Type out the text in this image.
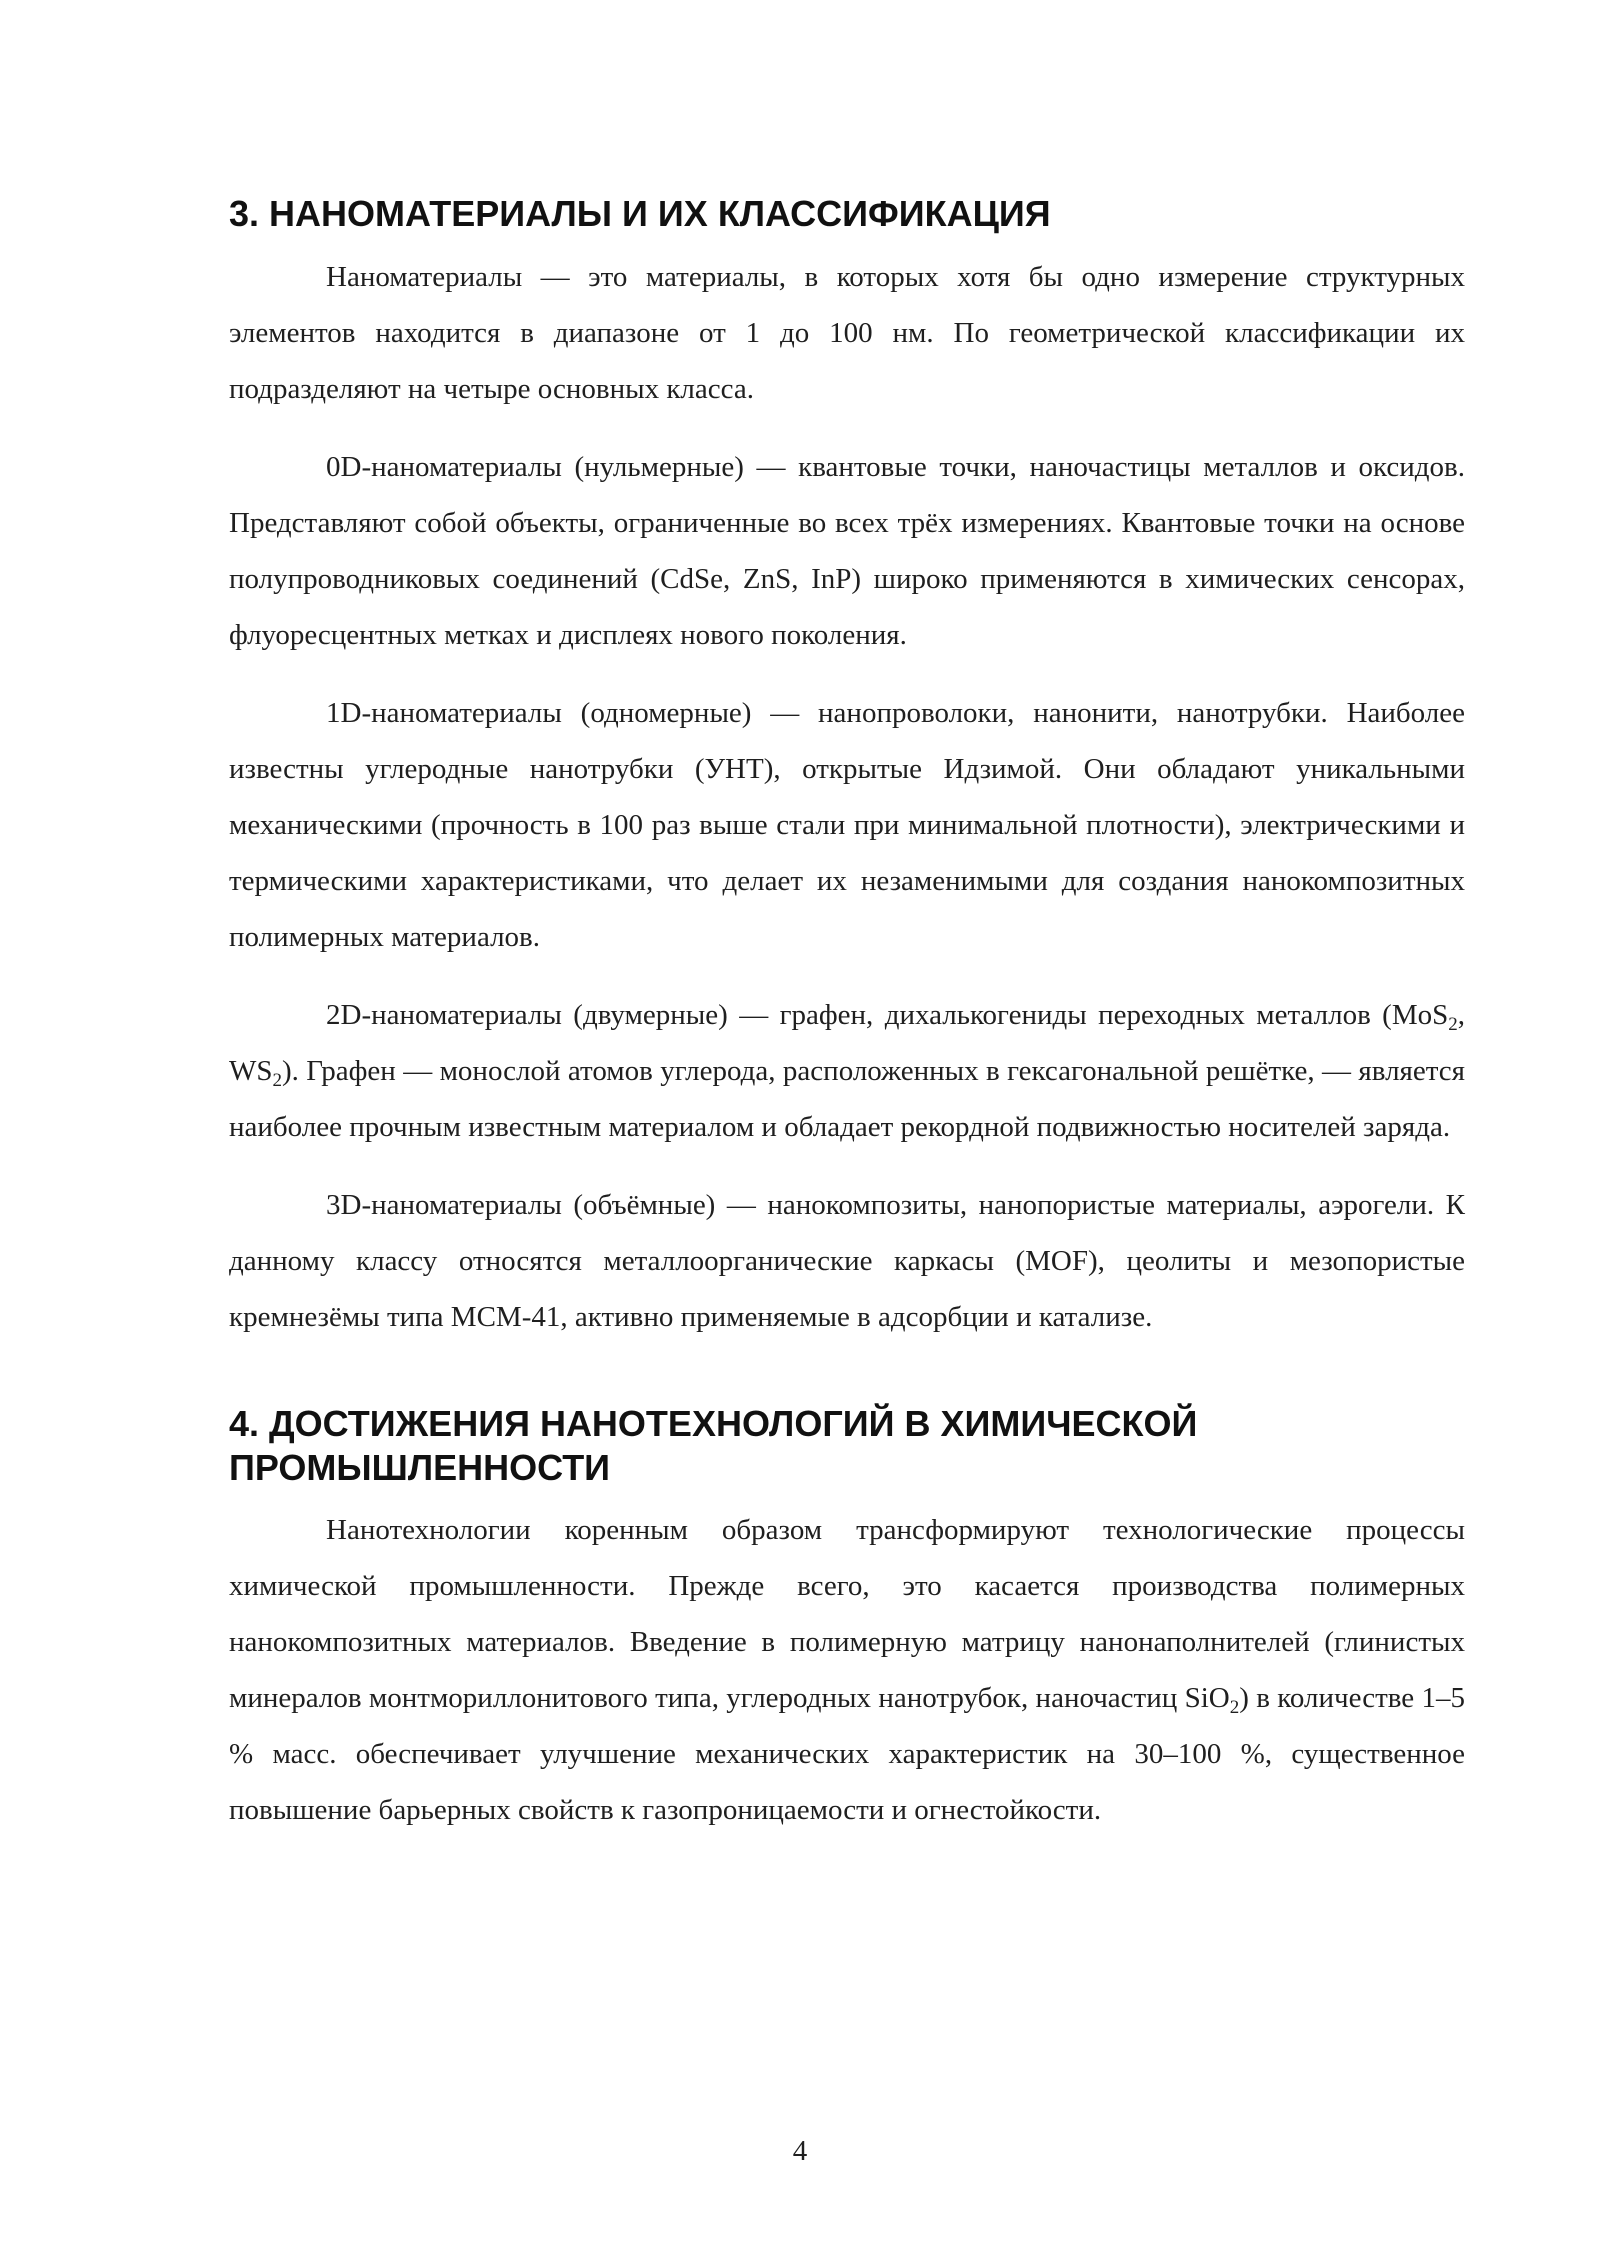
3. НАНОМАТЕРИАЛЫ И ИХ КЛАССИФИКАЦИЯ

Наноматериалы — это материалы, в которых хотя бы одно измерение структурных элементов находится в диапазоне от 1 до 100 нм. По геометрической классификации их подразделяют на четыре основных класса.

0D-наноматериалы (нульмерные) — квантовые точки, наночастицы металлов и оксидов. Представляют собой объекты, ограниченные во всех трёх измерениях. Квантовые точки на основе полупроводниковых соединений (CdSe, ZnS, InP) широко применяются в химических сенсорах, флуоресцентных метках и дисплеях нового поколения.

1D-наноматериалы (одномерные) — нанопроволоки, нанонити, нанотрубки. Наиболее известны углеродные нанотрубки (УНТ), открытые Идзимой. Они обладают уникальными механическими (прочность в 100 раз выше стали при минимальной плотности), электрическими и термическими характеристиками, что делает их незаменимыми для создания нанокомпозитных полимерных материалов.

2D-наноматериалы (двумерные) — графен, дихалькогениды переходных металлов (MoS$_2$, $WS_2$). Графен — монослой атомов углерода, расположенных в гексагональной решётке, — является наиболее прочным известным материалом и обладает рекордной подвижностью носителей заряда.

3D-наноматериалы (объёмные) — нанокомпозиты, нанопористые материалы, аэрогели. К данному классу относятся металлоорганические каркасы (MOF), цеолиты и мезопористые кремнезёмы типа MCM-41, активно применяемые в адсорбции и катализе.

4. ДОСТИЖЕНИЯ НАНОТЕХНОЛОГИЙ В ХИМИЧЕСКОЙ ПРОМЫШЛЕННОСТИ

Нанотехнологии коренным образом трансформируют технологические процессы химической промышленности. Прежде всего, это касается производства полимерных нанокомпозитных материалов. Введение в полимерную матрицу нанонаполнителей (глинистых минералов монтмориллонитового типа, углеродных нанотрубок, наночастиц SiO$_2$) в количестве 1–5 % масс. обеспечивает улучшение механических характеристик на 30–100 %, существенное повышение барьерных свойств к газопроницаемости и огнестойкости.

4
